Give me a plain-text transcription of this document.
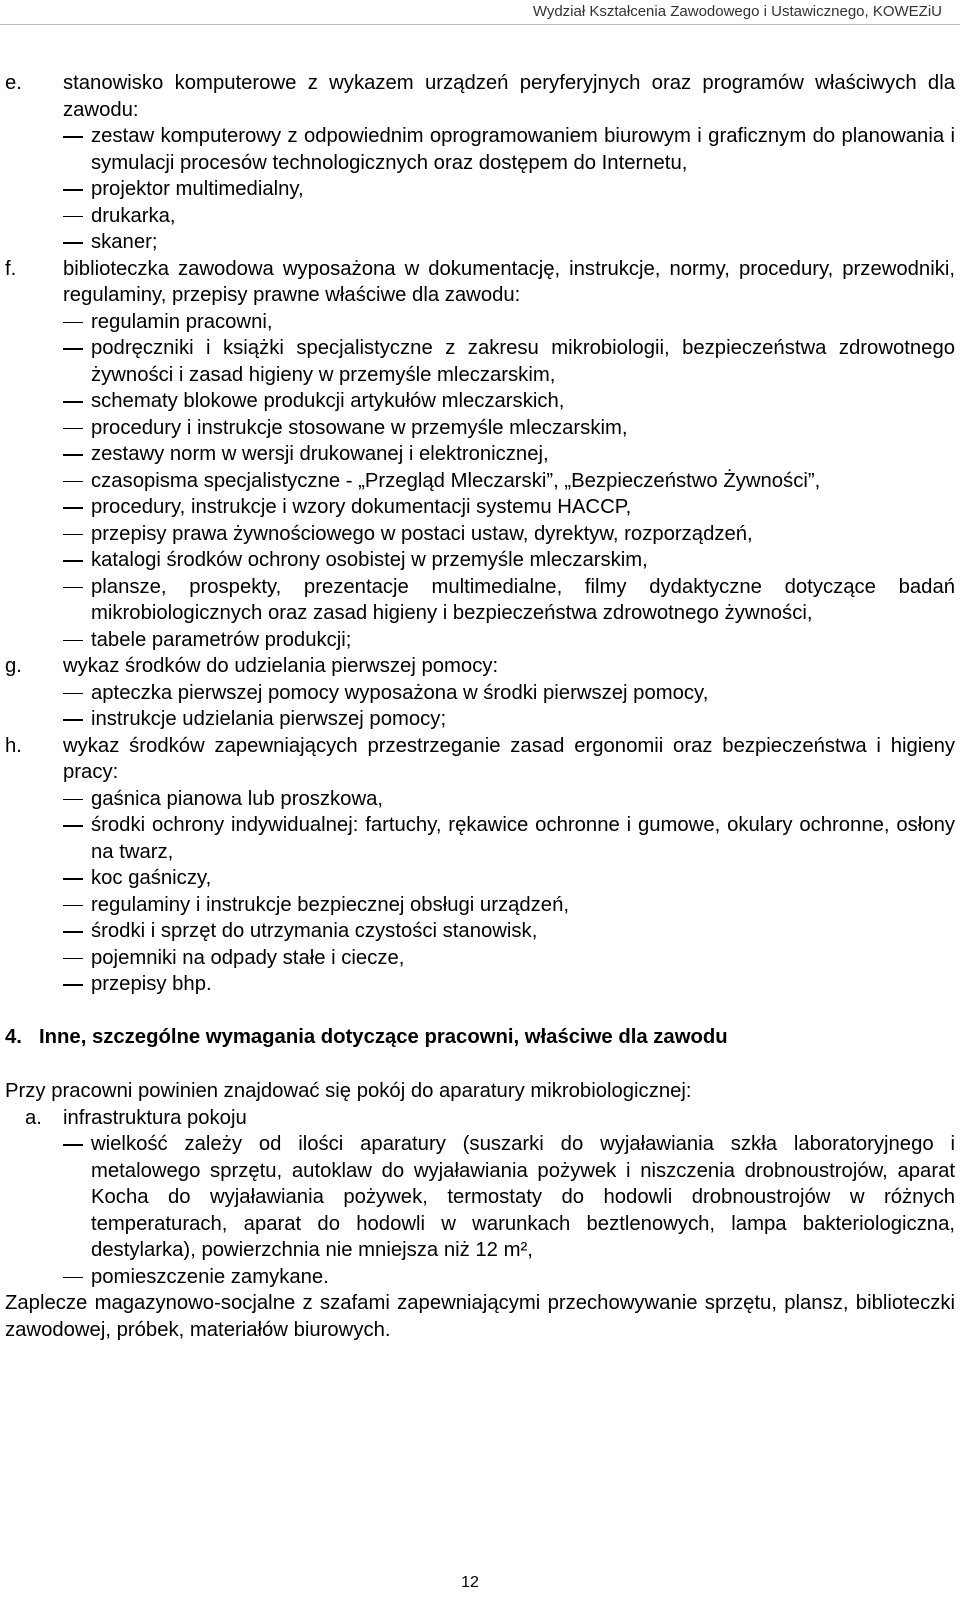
Wydział Kształcenia Zawodowego i Ustawicznego, KOWEZiU
e. stanowisko komputerowe z wykazem urządzeń peryferyjnych oraz programów właściwych dla zawodu:
zestaw komputerowy z odpowiednim oprogramowaniem biurowym i graficznym do planowania i symulacji procesów technologicznych oraz dostępem do Internetu,
projektor multimedialny,
drukarka,
skaner;
f. biblioteczka zawodowa wyposażona w dokumentację, instrukcje, normy, procedury, przewodniki, regulaminy, przepisy prawne właściwe dla zawodu:
regulamin pracowni,
podręczniki i książki specjalistyczne z zakresu mikrobiologii, bezpieczeństwa zdrowotnego żywności i zasad higieny w przemyśle mleczarskim,
schematy blokowe produkcji artykułów mleczarskich,
procedury i instrukcje stosowane w przemyśle mleczarskim,
zestawy norm w wersji drukowanej i elektronicznej,
czasopisma specjalistyczne - „Przegląd Mleczarski”, „Bezpieczeństwo Żywności”,
procedury, instrukcje i wzory dokumentacji systemu HACCP,
przepisy prawa żywnościowego w postaci ustaw, dyrektyw, rozporządzeń,
katalogi środków ochrony osobistej w przemyśle mleczarskim,
plansze, prospekty, prezentacje multimedialne, filmy dydaktyczne dotyczące badań mikrobiologicznych oraz zasad higieny i bezpieczeństwa zdrowotnego żywności,
tabele parametrów produkcji;
g. wykaz środków do udzielania pierwszej pomocy:
apteczka pierwszej pomocy wyposażona w środki pierwszej pomocy,
instrukcje udzielania pierwszej pomocy;
h. wykaz środków zapewniających przestrzeganie zasad ergonomii oraz bezpieczeństwa i higieny pracy:
gaśnica pianowa lub proszkowa,
środki ochrony indywidualnej: fartuchy, rękawice ochronne i gumowe, okulary ochronne, osłony na twarz,
koc gaśniczy,
regulaminy i instrukcje bezpiecznej obsługi urządzeń,
środki i sprzęt do utrzymania czystości stanowisk,
pojemniki na odpady stałe i ciecze,
przepisy bhp.
4. Inne, szczególne wymagania dotyczące pracowni, właściwe dla zawodu
Przy pracowni powinien znajdować się pokój do aparatury mikrobiologicznej:
a. infrastruktura pokoju
wielkość zależy od ilości aparatury (suszarki do wyjaławiania szkła laboratoryjnego i metalowego sprzętu, autoklaw do wyjaławiania pożywek i niszczenia drobnoustrojów, aparat Kocha do wyjaławiania pożywek, termostaty do hodowli drobnoustrojów w różnych temperaturach, aparat do hodowli w warunkach beztlenowych, lampa bakteriologiczna, destylarka), powierzchnia nie mniejsza niż 12 m²,
pomieszczenie zamykane.
Zaplecze magazynowo-socjalne z szafami zapewniającymi przechowywanie sprzętu, plansz, biblioteczki zawodowej, próbek, materiałów biurowych.
12
